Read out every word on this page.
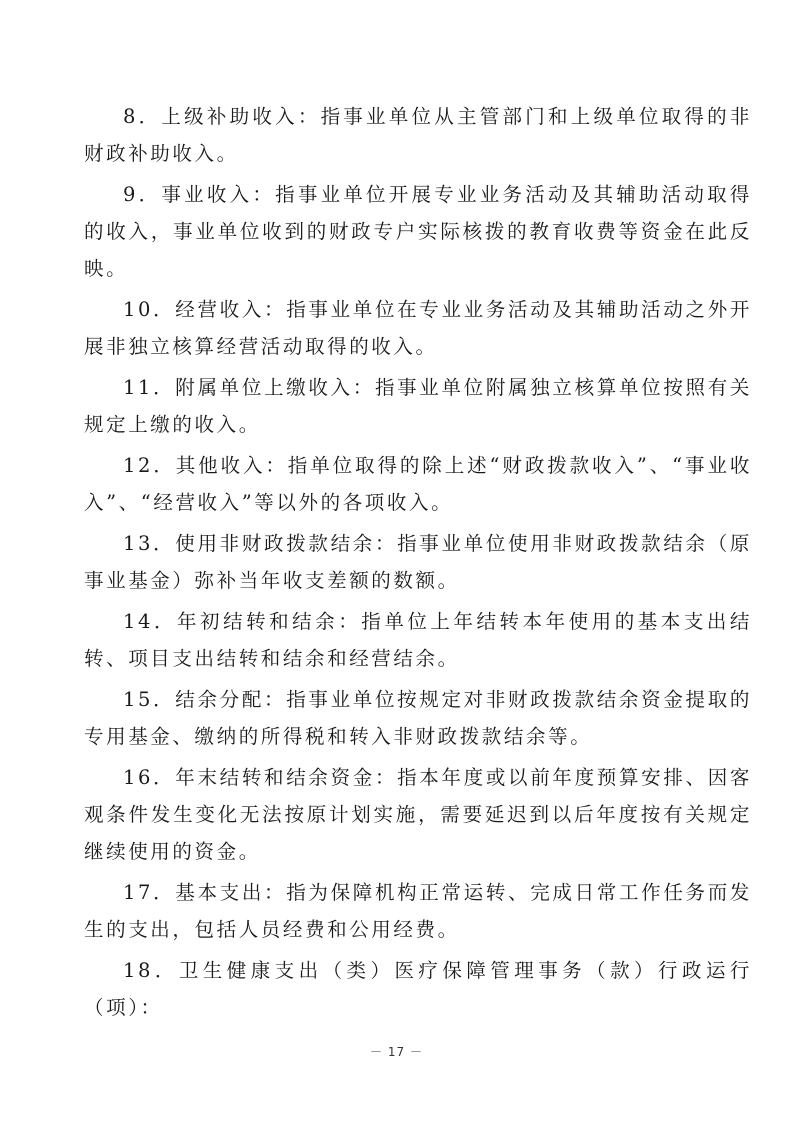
8．上级补助收入：指事业单位从主管部门和上级单位取得的非财政补助收入。

9．事业收入：指事业单位开展专业业务活动及其辅助活动取得的收入，事业单位收到的财政专户实际核拨的教育收费等资金在此反映。

10．经营收入：指事业单位在专业业务活动及其辅助活动之外开展非独立核算经营活动取得的收入。

11．附属单位上缴收入：指事业单位附属独立核算单位按照有关规定上缴的收入。

12．其他收入：指单位取得的除上述“财政拨款收入”、“事业收入”、“经营收入”等以外的各项收入。

13．使用非财政拨款结余：指事业单位使用非财政拨款结余（原事业基金）弥补当年收支差额的数额。

14．年初结转和结余：指单位上年结转本年使用的基本支出结转、项目支出结转和结余和经营结余。

15．结余分配：指事业单位按规定对非财政拨款结余资金提取的专用基金、缴纳的所得税和转入非财政拨款结余等。

16．年末结转和结余资金：指本年度或以前年度预算安排、因客观条件发生变化无法按原计划实施，需要延迟到以后年度按有关规定继续使用的资金。

17．基本支出：指为保障机构正常运转、完成日常工作任务而发生的支出，包括人员经费和公用经费。

18．卫生健康支出（类）医疗保障管理事务（款）行政运行（项）：

－ 17 －
